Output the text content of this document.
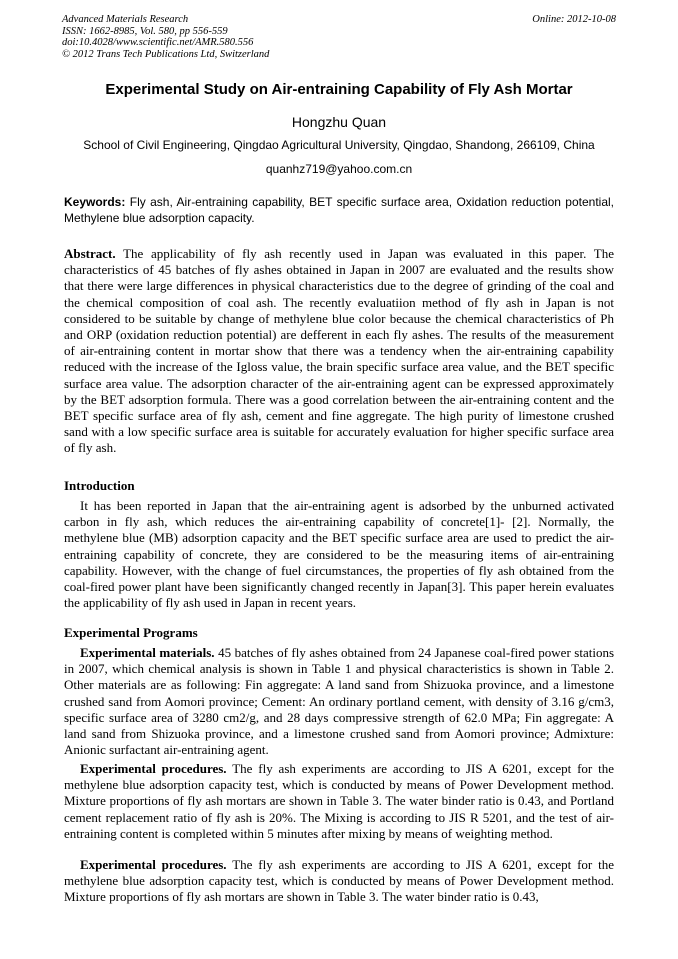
Advanced Materials Research
ISSN: 1662-8985, Vol. 580, pp 556-559
doi:10.4028/www.scientific.net/AMR.580.556
© 2012 Trans Tech Publications Ltd, Switzerland
Online: 2012-10-08
Experimental Study on Air-entraining Capability of Fly Ash Mortar
Hongzhu Quan
School of Civil Engineering, Qingdao Agricultural University, Qingdao, Shandong, 266109, China
quanhz719@yahoo.com.cn
Keywords: Fly ash, Air-entraining capability, BET specific surface area, Oxidation reduction potential, Methylene blue adsorption capacity.
Abstract. The applicability of fly ash recently used in Japan was evaluated in this paper. The characteristics of 45 batches of fly ashes obtained in Japan in 2007 are evaluated and the results show that there were large differences in physical characteristics due to the degree of grinding of the coal and the chemical composition of coal ash. The recently evaluatiion method of fly ash in Japan is not considered to be suitable by change of methylene blue color because the chemical characteristics of Ph and ORP (oxidation reduction potential) are defferent in each fly ashes. The results of the measurement of air-entraining content in mortar show that there was a tendency when the air-entraining capability reduced with the increase of the Igloss value, the brain specific surface area value, and the BET specific surface area value. The adsorption character of the air-entraining agent can be expressed approximately by the BET adsorption formula. There was a good correlation between the air-entraining content and the BET specific surface area of fly ash, cement and fine aggregate. The high purity of limestone crushed sand with a low specific surface area is suitable for accurately evaluation for higher specific surface area of fly ash.
Introduction
It has been reported in Japan that the air-entraining agent is adsorbed by the unburned activated carbon in fly ash, which reduces the air-entraining capability of concrete[1]- [2]. Normally, the methylene blue (MB) adsorption capacity and the BET specific surface area are used to predict the air-entraining capability of concrete, they are considered to be the measuring items of air-entraining capability. However, with the change of fuel circumstances, the properties of fly ash obtained from the coal-fired power plant have been significantly changed recently in Japan[3]. This paper herein evaluates the applicability of fly ash used in Japan in recent years.
Experimental Programs
Experimental materials. 45 batches of fly ashes obtained from 24 Japanese coal-fired power stations in 2007, which chemical analysis is shown in Table 1 and physical characteristics is shown in Table 2. Other materials are as following: Fin aggregate: A land sand from Shizuoka province, and a limestone crushed sand from Aomori province; Cement: An ordinary portland cement, with density of 3.16 g/cm3, specific surface area of 3280 cm2/g, and 28 days compressive strength of 62.0 MPa; Fin aggregate: A land sand from Shizuoka province, and a limestone crushed sand from Aomori province; Admixture: Anionic surfactant air-entraining agent.
Experimental procedures. The fly ash experiments are according to JIS A 6201, except for the methylene blue adsorption capacity test, which is conducted by means of Power Development method. Mixture proportions of fly ash mortars are shown in Table 3. The water binder ratio is 0.43, and Portland cement replacement ratio of fly ash is 20%. The Mixing is according to JIS R 5201, and the test of air-entraining content is completed within 5 minutes after mixing by means of weighting method.
Experimental procedures. The fly ash experiments are according to JIS A 6201, except for the methylene blue adsorption capacity test, which is conducted by means of Power Development method. Mixture proportions of fly ash mortars are shown in Table 3. The water binder ratio is 0.43,
